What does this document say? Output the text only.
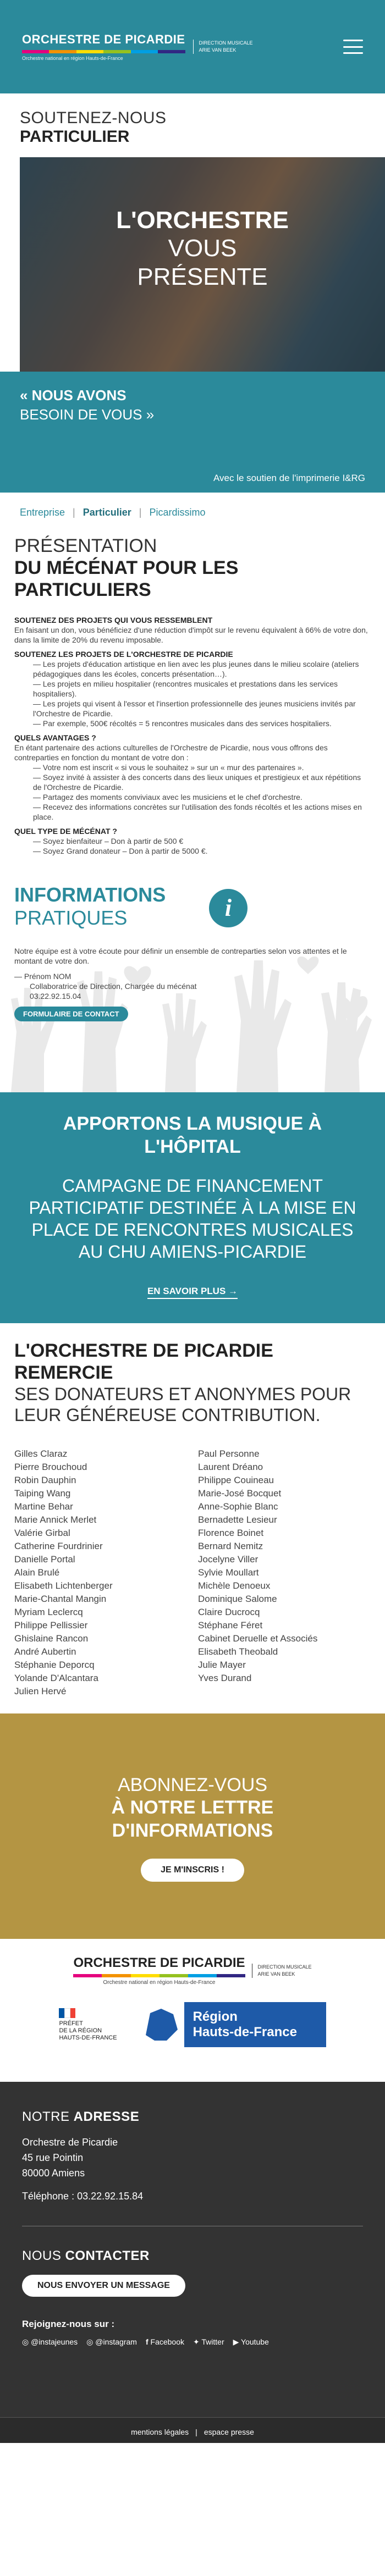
ORCHESTRE DE PICARDIE
Orchestre national en région Hauts-de-France
DIRECTION MUSICALE
ARIE VAN BEEK
SOUTENEZ-NOUS
PARTICULIER
L'ORCHESTRE
VOUS
PRÉSENTE
« NOUS AVONS
BESOIN DE VOUS »
Avec le soutien de l'imprimerie I&RG
Entreprise | Particulier | Picardissimo
PRÉSENTATION
DU MÉCÉNAT POUR LES
PARTICULIERS
SOUTENEZ DES PROJETS QUI VOUS RESSEMBLENT
En faisant un don, vous bénéficiez d'une réduction d'impôt sur le revenu équivalent à 66% de votre don, dans la limite de 20% du revenu imposable.
SOUTENEZ LES PROJETS DE L'ORCHESTRE DE PICARDIE
— Les projets d'éducation artistique en lien avec les plus jeunes dans le milieu scolaire (ateliers pédagogiques dans les écoles, concerts présentation…).
— Les projets en milieu hospitalier (rencontres musicales et prestations dans les services hospitaliers).
— Les projets qui visent à l'essor et l'insertion professionnelle des jeunes musiciens invités par l'Orchestre de Picardie.
— Par exemple, 500€ récoltés = 5 rencontres musicales dans des services hospitaliers.
QUELS AVANTAGES ?
En étant partenaire des actions culturelles de l'Orchestre de Picardie, nous vous offrons des contreparties en fonction du montant de votre don :
— Votre nom est inscrit « si vous le souhaitez » sur un « mur des partenaires ».
— Soyez invité à assister à des concerts dans des lieux uniques et prestigieux et aux répétitions de l'Orchestre de Picardie.
— Partagez des moments conviviaux avec les musiciens et le chef d'orchestre.
— Recevez des informations concrètes sur l'utilisation des fonds récoltés et les actions mises en place.
QUEL TYPE DE MÉCÉNAT ?
— Soyez bienfaiteur – Don à partir de 500 €
— Soyez Grand donateur – Don à partir de 5000 €.
i
INFORMATIONS
PRATIQUES
Notre équipe est à votre écoute pour définir un ensemble de contreparties selon vos attentes et le montant de votre don.
— Prénom NOM
Collaboratrice de Direction, Chargée du mécénat
03.22.92.15.04
FORMULAIRE DE CONTACT
APPORTONS LA MUSIQUE À L'HÔPITAL
CAMPAGNE DE FINANCEMENT PARTICIPATIF DESTINÉE À LA MISE EN PLACE DE RENCONTRES MUSICALES AU CHU AMIENS-PICARDIE
EN SAVOIR PLUS →
L'ORCHESTRE DE PICARDIE
REMERCIE
SES DONATEURS ET ANONYMES POUR LEUR GÉNÉREUSE CONTRIBUTION.
Gilles Claraz
Pierre Brouchoud
Robin Dauphin
Taiping Wang
Martine Behar
Marie Annick Merlet
Valérie Girbal
Catherine Fourdrinier
Danielle Portal
Alain Brulé
Elisabeth Lichtenberger
Marie-Chantal Mangin
Myriam Leclercq
Philippe Pellissier
Ghislaine Rancon
André Aubertin
Stéphanie Deporcq
Yolande D'Alcantara
Julien Hervé
Paul Personne
Laurent Dréano
Philippe Couineau
Marie-José Bocquet
Anne-Sophie Blanc
Bernadette Lesieur
Florence Boinet
Bernard Nemitz
Jocelyne Viller
Sylvie Moullart
Michèle Denoeux
Dominique Salome
Claire Ducrocq
Stéphane Féret
Cabinet Deruelle et Associés
Elisabeth Theobald
Julie Mayer
Yves Durand
ABONNEZ-VOUS
À NOTRE LETTRE
D'INFORMATIONS
JE M'INSCRIS !
ORCHESTRE DE PICARDIE
Orchestre national en région Hauts-de-France
DIRECTION MUSICALE
ARIE VAN BEEK
PRÉFET
DE LA RÉGION
HAUTS-DE-FRANCE
Région
Hauts-de-France
NOTRE ADRESSE
Orchestre de Picardie
45 rue Pointin
80000 Amiens
Téléphone : 03.22.92.15.84
NOUS CONTACTER
NOUS ENVOYER UN MESSAGE
Rejoignez-nous sur :
◎ @instajeunes ◎ @instagram f Facebook ✦ Twitter ▶ Youtube
mentions légales | espace presse
